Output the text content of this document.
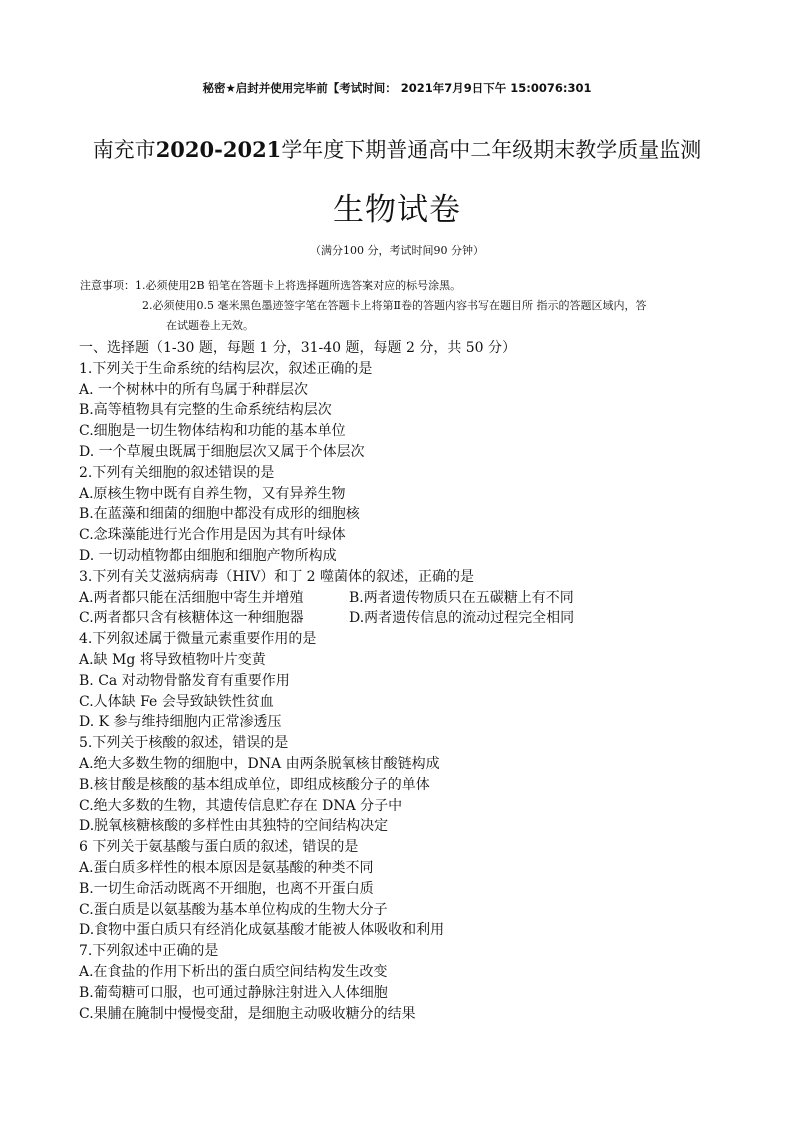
秘密★启封并使用完毕前【考试时间： 2021年7月9日下午 15:0076:301
南充市2020-2021学年度下期普通高中二年级期末教学质量监测
生物试卷
（满分100 分，考试时间90 分钟）
注意事项：1.必须使用2B 铅笔在答题卡上将选择题所选答案对应的标号涂黑。
2.必须使用0.5 毫米黑色墨迹签字笔在答题卡上将第Ⅱ卷的答题内容书写在题目所 指示的答题区域内，答
在试题卷上无效。
一、选择题（1-30 题，每题 1 分，31-40 题，每题 2 分，共 50 分）
1.下列关于生命系统的结构层次，叙述正确的是
A. 一个树林中的所有鸟属于种群层次
B.高等植物具有完整的生命系统结构层次
C.细胞是一切生物体结构和功能的基本单位
D. 一个草履虫既属于细胞层次又属于个体层次
2.下列有关细胞的叙述错误的是
A.原核生物中既有自养生物，又有异养生物
B.在蓝藻和细菌的细胞中都没有成形的细胞核
C.念珠藻能进行光合作用是因为其有叶绿体
D. 一切动植物都由细胞和细胞产物所构成
3.下列有关艾滋病病毒（HIV）和丁 2 噬菌体的叙述，正确的是
A.两者都只能在活细胞中寄生并增殖	B.两者遗传物质只在五碳糖上有不同
C.两者都只含有核糖体这一种细胞器	D.两者遗传信息的流动过程完全相同
4.下列叙述属于微量元素重要作用的是
A.缺 Mg 将导致植物叶片变黄
B. Ca 对动物骨骼发育有重要作用
C.人体缺 Fe 会导致缺铁性贫血
D. K 参与维持细胞内正常渗透压
5.下列关于核酸的叙述，错误的是
A.绝大多数生物的细胞中，DNA 由两条脱氧核甘酸链构成
B.核甘酸是核酸的基本组成单位，即组成核酸分子的单体
C.绝大多数的生物，其遗传信息贮存在 DNA 分子中
D.脱氧核糖核酸的多样性由其独特的空间结构决定
6 下列关于氨基酸与蛋白质的叙述，错误的是
A.蛋白质多样性的根本原因是氨基酸的种类不同
B.一切生命活动既离不开细胞，也离不开蛋白质
C.蛋白质是以氨基酸为基本单位构成的生物大分子
D.食物中蛋白质只有经消化成氨基酸才能被人体吸收和利用
7.下列叙述中正确的是
A.在食盐的作用下析出的蛋白质空间结构发生改变
B.葡萄糖可口服，也可通过静脉注射进入人体细胞
C.果脯在腌制中慢慢变甜，是细胞主动吸收糖分的结果
